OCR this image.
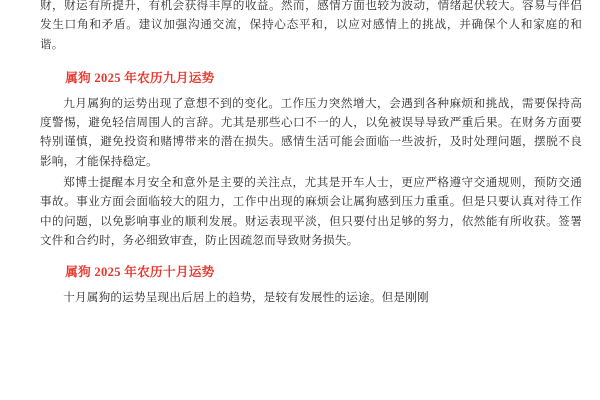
财，财运有所提升，有机会获得丰厚的收益。然而，感情方面也较为波动，情绪起伏较大。容易与伴侣发生口角和矛盾。建议加强沟通交流，保持心态平和，以应对感情上的挑战，并确保个人和家庭的和谐。

属狗 2025 年农历九月运势

九月属狗的运势出现了意想不到的变化。工作压力突然增大，会遇到各种麻烦和挑战，需要保持高度警惕，避免轻信周围人的言辞。尤其是那些心口不一的人，以免被误导导致严重后果。在财务方面要特别谨慎，避免投资和赌博带来的潜在损失。感情生活可能会面临一些波折，及时处理问题，摆脱不良影响，才能保持稳定。

郑博士提醒本月安全和意外是主要的关注点，尤其是开车人士，更应严格遵守交通规则，预防交通事故。事业方面会面临较大的阻力，工作中出现的麻烦会让属狗感到压力重重。但是只要认真对待工作中的问题，以免影响事业的顺利发展。财运表现平淡，但只要付出足够的努力，依然能有所收获。签署文件和合约时，务必细致审查，防止因疏忽而导致财务损失。

属狗 2025 年农历十月运势

十月属狗的运势呈现出后居上的趋势，是较有发展性的运途。但是刚刚
